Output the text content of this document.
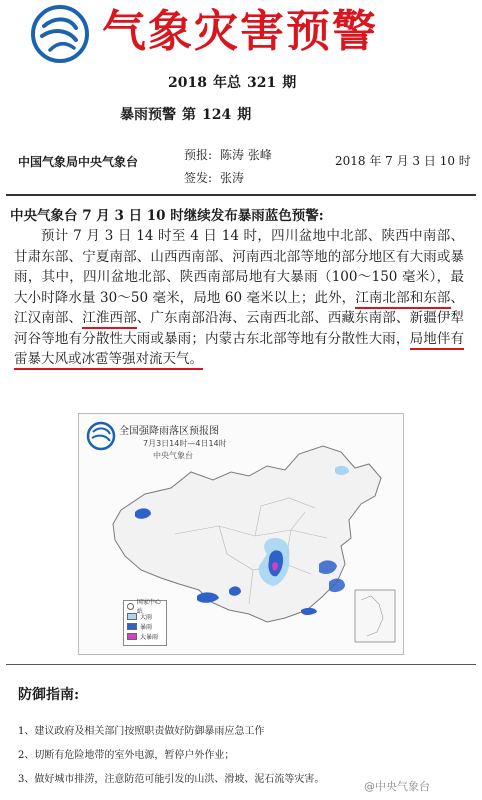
气象灾害预警
2018 年总 321 期
暴雨预警 第 124 期
中国气象局中央气象台	预报: 陈涛 张峰
签发: 张涛
2018 年 7 月 3 日 10 时
中央气象台 7 月 3 日 10 时继续发布暴雨蓝色预警:
预计 7 月 3 日 14 时至 4 日 14 时，四川盆地中北部、陕西中南部、甘肃东部、宁夏南部、山西西南部、河南西北部等地的部分地区有大雨或暴雨，其中，四川盆地北部、陕西南部局地有大暴雨（100～150 毫米），最大小时降水量 30～50 毫米，局地 60 毫米以上；此外，江南北部和东部、江汉南部、江淮西部、广东南部沿海、云南西北部、西藏东南部、新疆伊犁河谷等地有分散性大雨或暴雨；内蒙古东北部等地有分散性大雨，局地伴有雷暴大风或冰雹等强对流天气。
全国强降雨落区预报图
7月3日14时—4日14时
中央气象台
国家中心站
大雨
暴雨
大暴雨
防御指南:
1、建议政府及相关部门按照职责做好防御暴雨应急工作
2、切断有危险地带的室外电源，暂停户外作业；
3、做好城市排涝，注意防范可能引发的山洪、滑坡、泥石流等灾害。
@中央气象台
